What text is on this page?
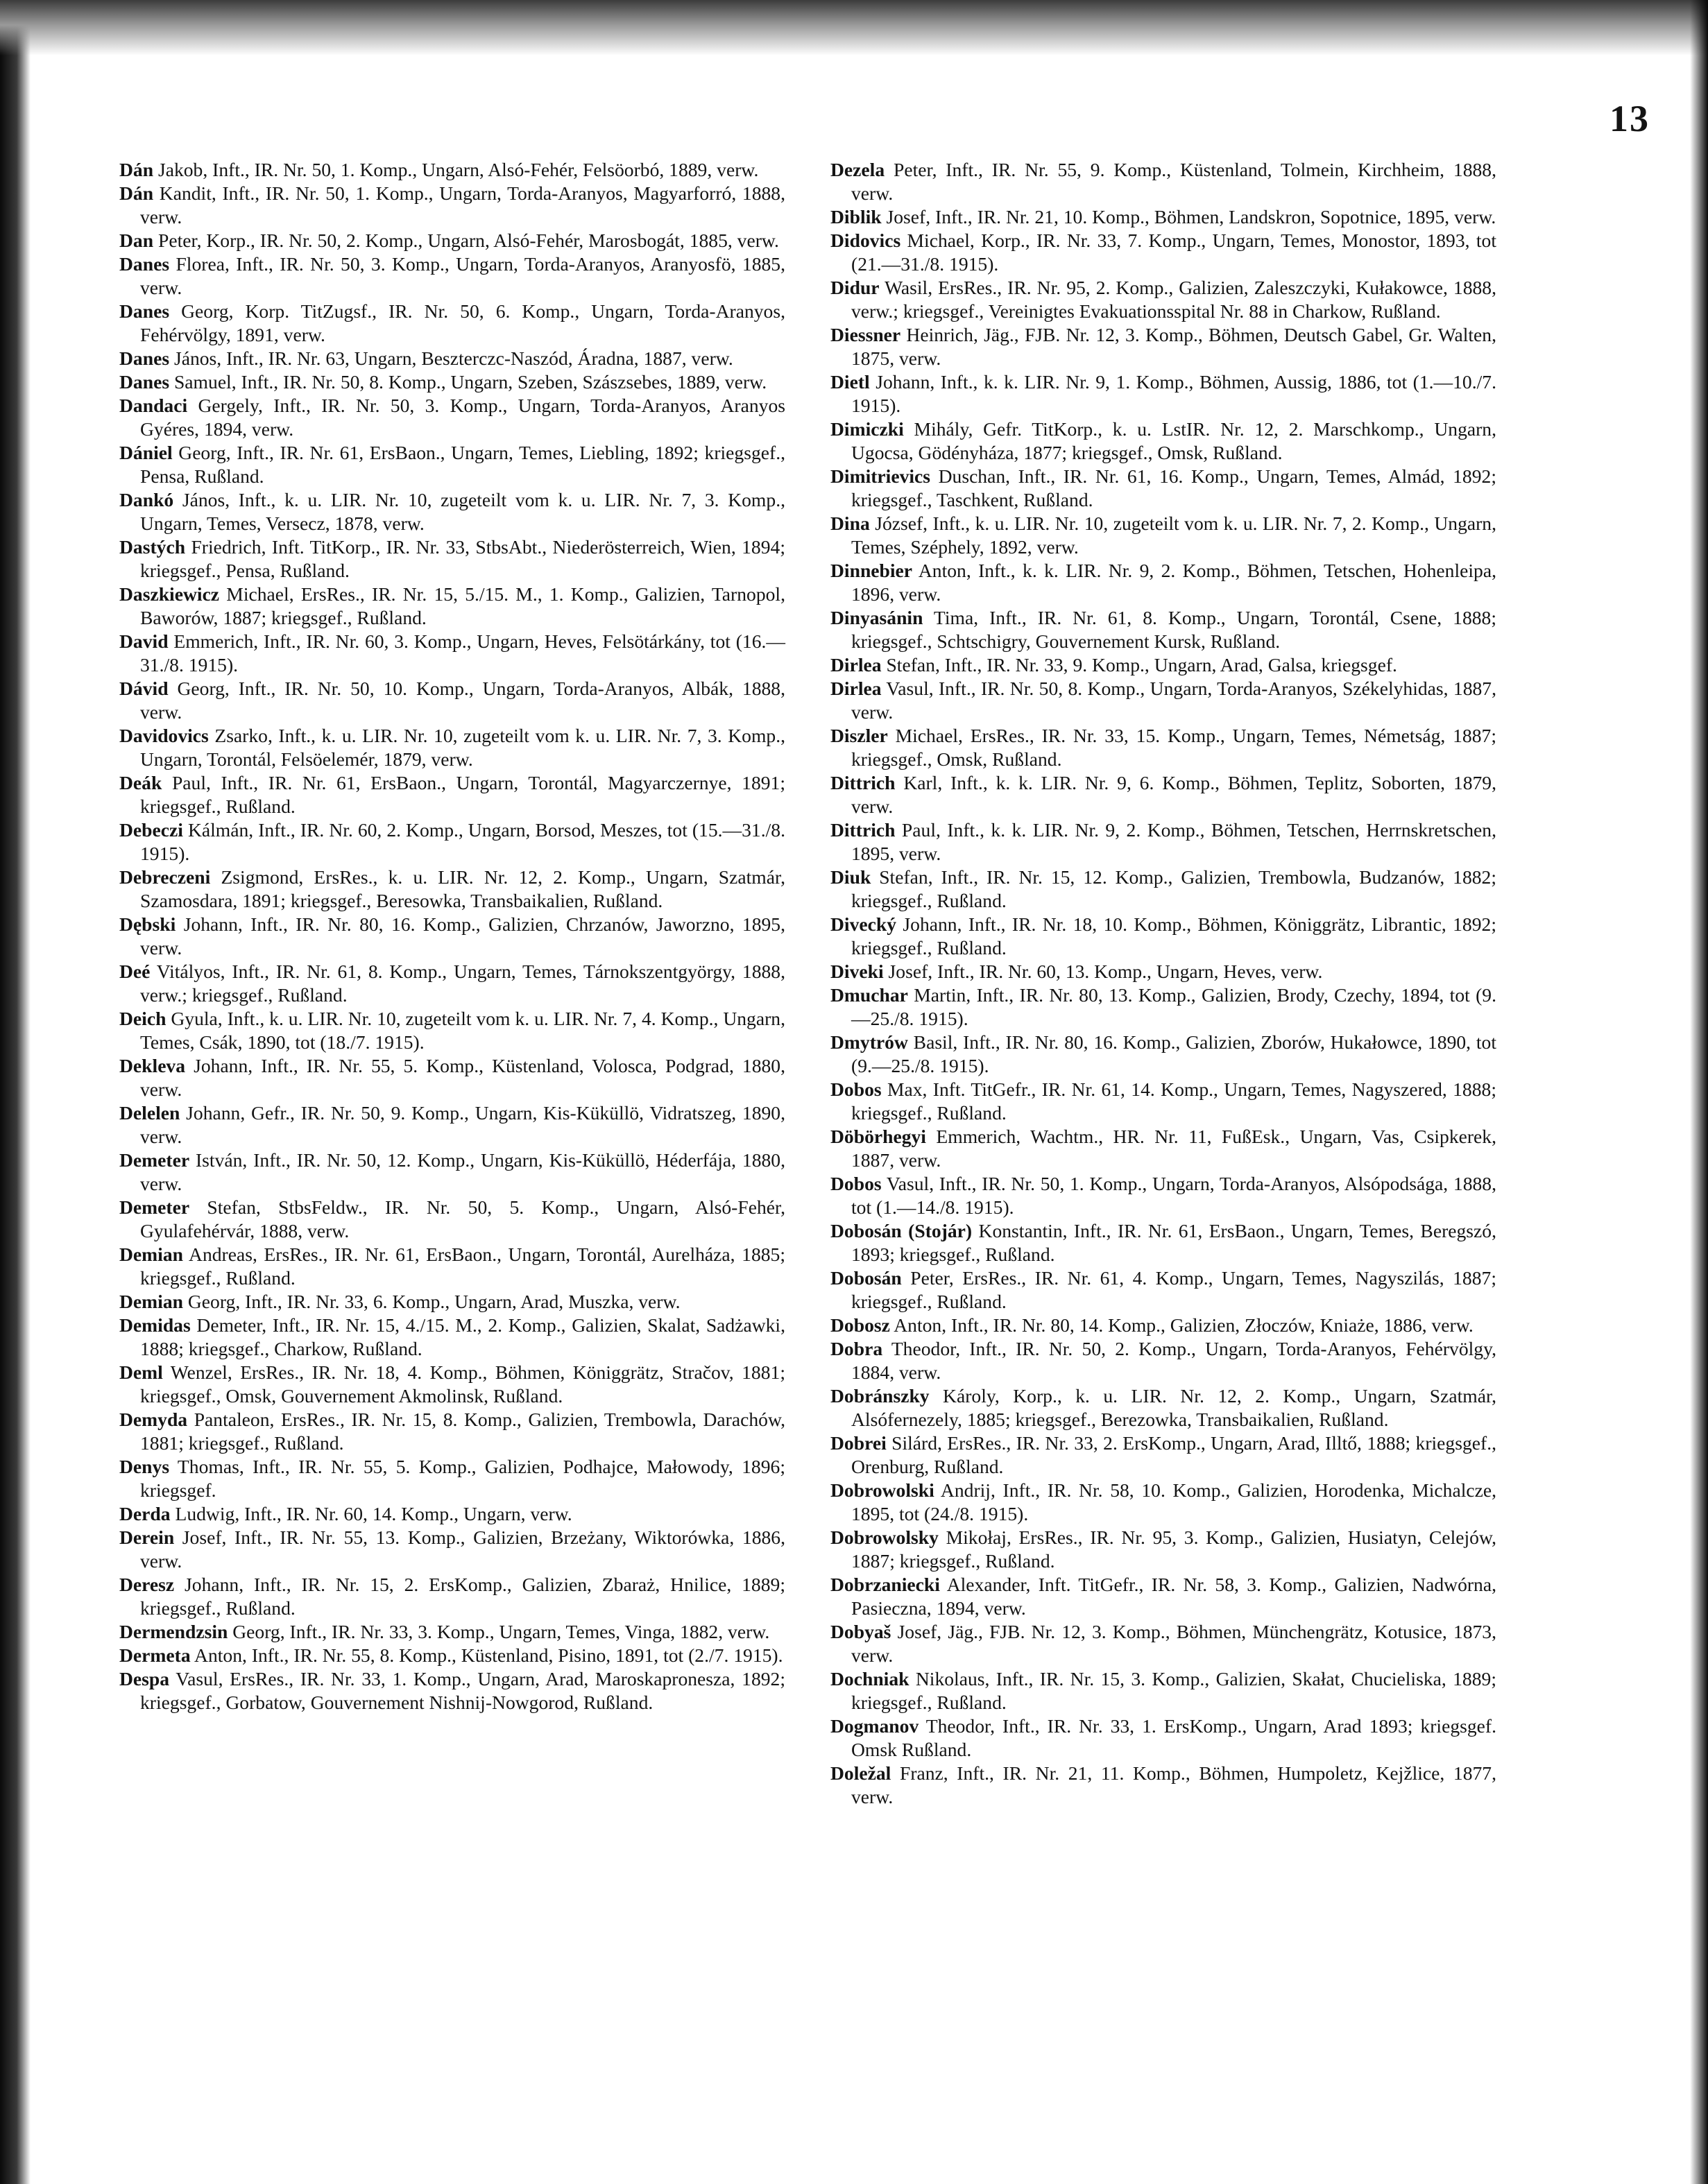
13

Dán Jakob, Inft., IR. Nr. 50, 1. Komp., Ungarn, Alsó-Fehér, Felsöorbó, 1889, verw.

Dán Kandit, Inft., IR. Nr. 50, 1. Komp., Ungarn, Torda-Aranyos, Magyarforró, 1888, verw.

Dan Peter, Korp., IR. Nr. 50, 2. Komp., Ungarn, Alsó-Fehér, Marosbogát, 1885, verw.

Danes Florea, Inft., IR. Nr. 50, 3. Komp., Ungarn, Torda-Aranyos, Aranyosfö, 1885, verw.

Danes Georg, Korp. TitZugsf., IR. Nr. 50, 6. Komp., Ungarn, Torda-Aranyos, Fehérvölgy, 1891, verw.

Danes János, Inft., IR. Nr. 63, Ungarn, Beszterczc-Naszód, Áradna, 1887, verw.

Danes Samuel, Inft., IR. Nr. 50, 8. Komp., Ungarn, Szeben, Szászsebes, 1889, verw.

Dandaci Gergely, Inft., IR. Nr. 50, 3. Komp., Ungarn, Torda-Aranyos, Aranyos Gyéres, 1894, verw.

Dániel Georg, Inft., IR. Nr. 61, ErsBaon., Ungarn, Temes, Liebling, 1892; kriegsgef., Pensa, Rußland.

Dankó János, Inft., k. u. LIR. Nr. 10, zugeteilt vom k. u. LIR. Nr. 7, 3. Komp., Ungarn, Temes, Versecz, 1878, verw.

Dastých Friedrich, Inft. TitKorp., IR. Nr. 33, StbsAbt., Niederösterreich, Wien, 1894; kriegsgef., Pensa, Rußland.

Daszkiewicz Michael, ErsRes., IR. Nr. 15, 5./15. M., 1. Komp., Galizien, Tarnopol, Baworów, 1887; kriegsgef., Rußland.

David Emmerich, Inft., IR. Nr. 60, 3. Komp., Ungarn, Heves, Felsötárkány, tot (16.—31./8. 1915).

Dávid Georg, Inft., IR. Nr. 50, 10. Komp., Ungarn, Torda-Aranyos, Albák, 1888, verw.

Davidovics Zsarko, Inft., k. u. LIR. Nr. 10, zugeteilt vom k. u. LIR. Nr. 7, 3. Komp., Ungarn, Torontál, Felsöelemér, 1879, verw.

Deák Paul, Inft., IR. Nr. 61, ErsBaon., Ungarn, Torontál, Magyarczernye, 1891; kriegsgef., Rußland.

Debeczi Kálmán, Inft., IR. Nr. 60, 2. Komp., Ungarn, Borsod, Meszes, tot (15.—31./8. 1915).

Debreczeni Zsigmond, ErsRes., k. u. LIR. Nr. 12, 2. Komp., Ungarn, Szatmár, Szamosdara, 1891; kriegsgef., Beresowka, Transbaikalien, Rußland.

Dębski Johann, Inft., IR. Nr. 80, 16. Komp., Galizien, Chrzanów, Jaworzno, 1895, verw.

Deé Vitályos, Inft., IR. Nr. 61, 8. Komp., Ungarn, Temes, Tárnokszentgyörgy, 1888, verw.; kriegsgef., Rußland.

Deich Gyula, Inft., k. u. LIR. Nr. 10, zugeteilt vom k. u. LIR. Nr. 7, 4. Komp., Ungarn, Temes, Csák, 1890, tot (18./7. 1915).

Dekleva Johann, Inft., IR. Nr. 55, 5. Komp., Küstenland, Volosca, Podgrad, 1880, verw.

Delelen Johann, Gefr., IR. Nr. 50, 9. Komp., Ungarn, Kis-Küküllö, Vidratszeg, 1890, verw.

Demeter István, Inft., IR. Nr. 50, 12. Komp., Ungarn, Kis-Küküllö, Héderfája, 1880, verw.

Demeter Stefan, StbsFeldw., IR. Nr. 50, 5. Komp., Ungarn, Alsó-Fehér, Gyulafehérvár, 1888, verw.

Demian Andreas, ErsRes., IR. Nr. 61, ErsBaon., Ungarn, Torontál, Aurelháza, 1885; kriegsgef., Rußland.

Demian Georg, Inft., IR. Nr. 33, 6. Komp., Ungarn, Arad, Muszka, verw.

Demidas Demeter, Inft., IR. Nr. 15, 4./15. M., 2. Komp., Galizien, Skalat, Sadżawki, 1888; kriegsgef., Charkow, Rußland.

Deml Wenzel, ErsRes., IR. Nr. 18, 4. Komp., Böhmen, Königgrätz, Stračov, 1881; kriegsgef., Omsk, Gouvernement Akmolinsk, Rußland.

Demyda Pantaleon, ErsRes., IR. Nr. 15, 8. Komp., Galizien, Trembowla, Darachów, 1881; kriegsgef., Rußland.

Denys Thomas, Inft., IR. Nr. 55, 5. Komp., Galizien, Podhajce, Małowody, 1896; kriegsgef.

Derda Ludwig, Inft., IR. Nr. 60, 14. Komp., Ungarn, verw.

Derein Josef, Inft., IR. Nr. 55, 13. Komp., Galizien, Brzeżany, Wiktorówka, 1886, verw.

Deresz Johann, Inft., IR. Nr. 15, 2. ErsKomp., Galizien, Zbaraż, Hnilice, 1889; kriegsgef., Rußland.

Dermendzsin Georg, Inft., IR. Nr. 33, 3. Komp., Ungarn, Temes, Vinga, 1882, verw.

Dermeta Anton, Inft., IR. Nr. 55, 8. Komp., Küstenland, Pisino, 1891, tot (2./7. 1915).

Despa Vasul, ErsRes., IR. Nr. 33, 1. Komp., Ungarn, Arad, Maroskapronesza, 1892; kriegsgef., Gorbatow, Gouvernement Nishnij-Nowgorod, Rußland.

Dezela Peter, Inft., IR. Nr. 55, 9. Komp., Küstenland, Tolmein, Kirchheim, 1888, verw.

Diblik Josef, Inft., IR. Nr. 21, 10. Komp., Böhmen, Landskron, Sopotnice, 1895, verw.

Didovics Michael, Korp., IR. Nr. 33, 7. Komp., Ungarn, Temes, Monostor, 1893, tot (21.—31./8. 1915).

Didur Wasil, ErsRes., IR. Nr. 95, 2. Komp., Galizien, Zaleszczyki, Kułakowce, 1888, verw.; kriegsgef., Vereinigtes Evakuationsspital Nr. 88 in Charkow, Rußland.

Diessner Heinrich, Jäg., FJB. Nr. 12, 3. Komp., Böhmen, Deutsch Gabel, Gr. Walten, 1875, verw.

Dietl Johann, Inft., k. k. LIR. Nr. 9, 1. Komp., Böhmen, Aussig, 1886, tot (1.—10./7. 1915).

Dimiczki Mihály, Gefr. TitKorp., k. u. LstIR. Nr. 12, 2. Marschkomp., Ungarn, Ugocsa, Gödényháza, 1877; kriegsgef., Omsk, Rußland.

Dimitrievics Duschan, Inft., IR. Nr. 61, 16. Komp., Ungarn, Temes, Almád, 1892; kriegsgef., Taschkent, Rußland.

Dina József, Inft., k. u. LIR. Nr. 10, zugeteilt vom k. u. LIR. Nr. 7, 2. Komp., Ungarn, Temes, Széphely, 1892, verw.

Dinnebier Anton, Inft., k. k. LIR. Nr. 9, 2. Komp., Böhmen, Tetschen, Hohenleipa, 1896, verw.

Dinyasánin Tima, Inft., IR. Nr. 61, 8. Komp., Ungarn, Torontál, Csene, 1888; kriegsgef., Schtschigry, Gouvernement Kursk, Rußland.

Dirlea Stefan, Inft., IR. Nr. 33, 9. Komp., Ungarn, Arad, Galsa, kriegsgef.

Dirlea Vasul, Inft., IR. Nr. 50, 8. Komp., Ungarn, Torda-Aranyos, Székelyhidas, 1887, verw.

Diszler Michael, ErsRes., IR. Nr. 33, 15. Komp., Ungarn, Temes, Németság, 1887; kriegsgef., Omsk, Rußland.

Dittrich Karl, Inft., k. k. LIR. Nr. 9, 6. Komp., Böhmen, Teplitz, Soborten, 1879, verw.

Dittrich Paul, Inft., k. k. LIR. Nr. 9, 2. Komp., Böhmen, Tetschen, Herrnskretschen, 1895, verw.

Diuk Stefan, Inft., IR. Nr. 15, 12. Komp., Galizien, Trembowla, Budzanów, 1882; kriegsgef., Rußland.

Divecký Johann, Inft., IR. Nr. 18, 10. Komp., Böhmen, Königgrätz, Librantic, 1892; kriegsgef., Rußland.

Diveki Josef, Inft., IR. Nr. 60, 13. Komp., Ungarn, Heves, verw.

Dmuchar Martin, Inft., IR. Nr. 80, 13. Komp., Galizien, Brody, Czechy, 1894, tot (9.—25./8. 1915).

Dmytrów Basil, Inft., IR. Nr. 80, 16. Komp., Galizien, Zborów, Hukałowce, 1890, tot (9.—25./8. 1915).

Dobos Max, Inft. TitGefr., IR. Nr. 61, 14. Komp., Ungarn, Temes, Nagyszered, 1888; kriegsgef., Rußland.

Döbörhegyi Emmerich, Wachtm., HR. Nr. 11, FußEsk., Ungarn, Vas, Csipkerek, 1887, verw.

Dobos Vasul, Inft., IR. Nr. 50, 1. Komp., Ungarn, Torda-Aranyos, Alsópodsága, 1888, tot (1.—14./8. 1915).

Dobosán (Stojár) Konstantin, Inft., IR. Nr. 61, ErsBaon., Ungarn, Temes, Beregszó, 1893; kriegsgef., Rußland.

Dobosán Peter, ErsRes., IR. Nr. 61, 4. Komp., Ungarn, Temes, Nagyszilás, 1887; kriegsgef., Rußland.

Dobosz Anton, Inft., IR. Nr. 80, 14. Komp., Galizien, Złoczów, Kniaże, 1886, verw.

Dobra Theodor, Inft., IR. Nr. 50, 2. Komp., Ungarn, Torda-Aranyos, Fehérvölgy, 1884, verw.

Dobránszky Károly, Korp., k. u. LIR. Nr. 12, 2. Komp., Ungarn, Szatmár, Alsófernezely, 1885; kriegsgef., Berezowka, Transbaikalien, Rußland.

Dobrei Silárd, ErsRes., IR. Nr. 33, 2. ErsKomp., Ungarn, Arad, Illtő, 1888; kriegsgef., Orenburg, Rußland.

Dobrowolski Andrij, Inft., IR. Nr. 58, 10. Komp., Galizien, Horodenka, Michalcze, 1895, tot (24./8. 1915).

Dobrowolsky Mikołaj, ErsRes., IR. Nr. 95, 3. Komp., Galizien, Husiatyn, Celejów, 1887; kriegsgef., Rußland.

Dobrzaniecki Alexander, Inft. TitGefr., IR. Nr. 58, 3. Komp., Galizien, Nadwórna, Pasieczna, 1894, verw.

Dobyaš Josef, Jäg., FJB. Nr. 12, 3. Komp., Böhmen, Münchengrätz, Kotusice, 1873, verw.

Dochniak Nikolaus, Inft., IR. Nr. 15, 3. Komp., Galizien, Skałat, Chucieliska, 1889; kriegsgef., Rußland.

Dogmanov Theodor, Inft., IR. Nr. 33, 1. ErsKomp., Ungarn, Arad 1893; kriegsgef. Omsk Rußland.

Doležal Franz, Inft., IR. Nr. 21, 11. Komp., Böhmen, Humpoletz, Kejžlice, 1877, verw.
